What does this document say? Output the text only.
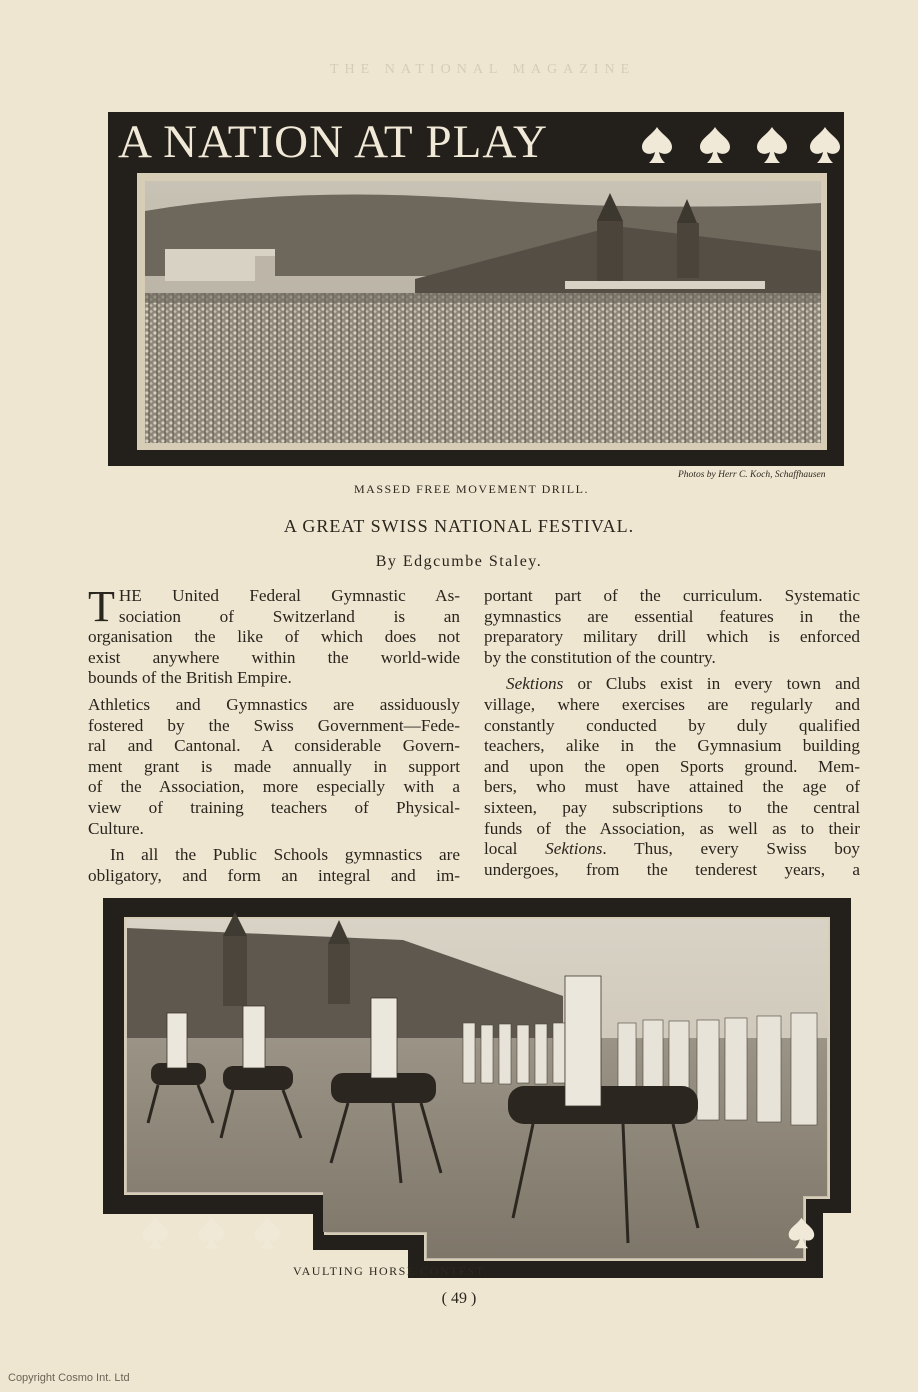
THE NATIONAL MAGAZINE
A NATION AT PLAY
MASSED FREE MOVEMENT DRILL.
Photos by Herr C. Koch, Schaffhausen
A GREAT SWISS NATIONAL FESTIVAL.
By Edgcumbe Staley.
T HE United Federal Gymnastic As-
sociation of Switzerland is an
organisation the like of which does not
exist anywhere within the world-wide
bounds of the British Empire.
Athletics and Gymnastics are assiduously
fostered by the Swiss Government—Fede-
ral and Cantonal. A considerable Govern-
ment grant is made annually in support
of the Association, more especially with a
view of training teachers of Physical-
Culture.
In all the Public Schools gymnastics are
obligatory, and form an integral and im-
portant part of the curriculum. Systematic
gymnastics are essential features in the
preparatory military drill which is enforced
by the constitution of the country.
Sektions or Clubs exist in every town and
village, where exercises are regularly and
constantly conducted by duly qualified
teachers, alike in the Gymnasium building
and upon the open Sports ground. Mem-
bers, who must have attained the age of
sixteen, pay subscriptions to the central
funds of the Association, as well as to their
local Sektions. Thus, every Swiss boy
undergoes, from the tenderest years, a
VAULTING HORSE CONTEST.
( 49 )
Copyright Cosmo Int. Ltd
